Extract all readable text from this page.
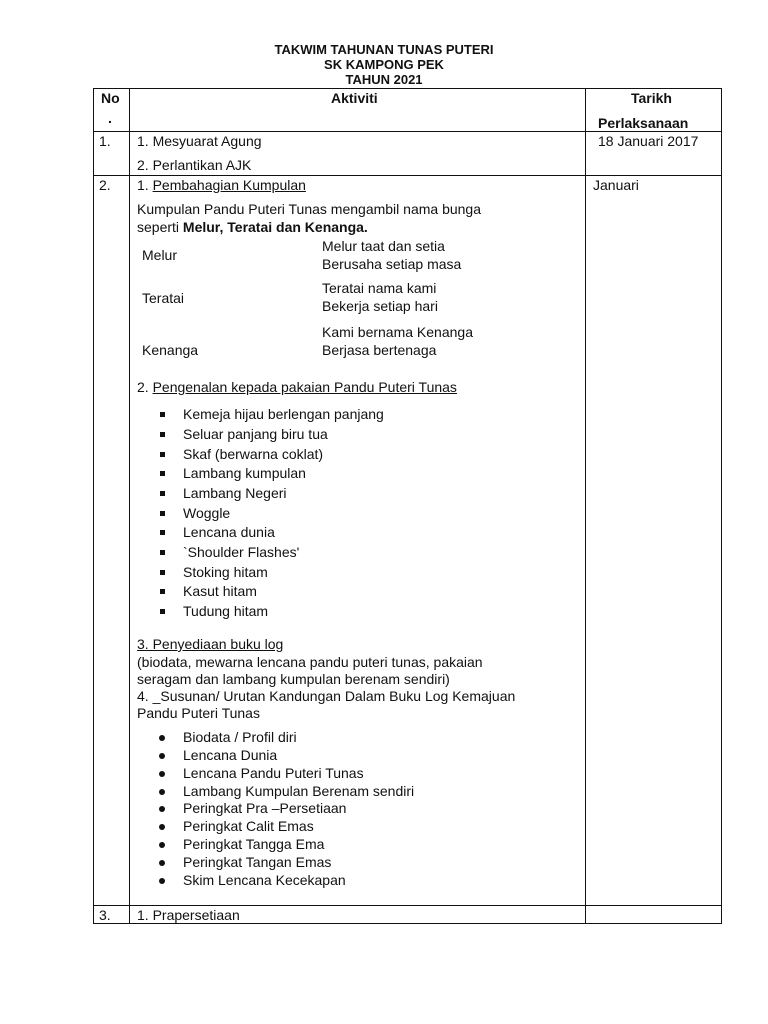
TAKWIM TAHUNAN TUNAS PUTERI
SK KAMPONG PEK
TAHUN 2021
No
.
Aktiviti	Tarikh
Perlaksanaan
1. 1. Mesyuarat Agung
2. Perlantikan AJK
18 Januari 2017
2.	Januari
1. Pembahagian Kumpulan
Kumpulan Pandu Puteri Tunas mengambil nama bunga
seperti Melur, Teratai dan Kenanga.
Melur
Melur taat dan setia
Berusaha setiap masa
Teratai
Teratai nama kami
Bekerja setiap hari
Kenanga
Kami bernama Kenanga
Berjasa bertenaga
2. Pengenalan kepada pakaian Pandu Puteri Tunas
Kemeja hijau berlengan panjang
Seluar panjang biru tua
Skaf (berwarna coklat)
Lambang kumpulan
Lambang Negeri
Woggle
Lencana dunia
`Shoulder Flashes'
Stoking hitam
Kasut hitam
Tudung hitam
3. Penyediaan buku log
(biodata, mewarna lencana pandu puteri tunas, pakaian
seragam dan lambang kumpulan berenam sendiri)
4. _Susunan/ Urutan Kandungan Dalam Buku Log Kemajuan
Pandu Puteri Tunas
Biodata / Profil diri
Lencana Dunia
Lencana Pandu Puteri Tunas
Lambang Kumpulan Berenam sendiri
Peringkat Pra –Persetiaan
Peringkat Calit Emas
Peringkat Tangga Ema
Peringkat Tangan Emas
Skim Lencana Kecekapan
3. 1. Prapersetiaan
